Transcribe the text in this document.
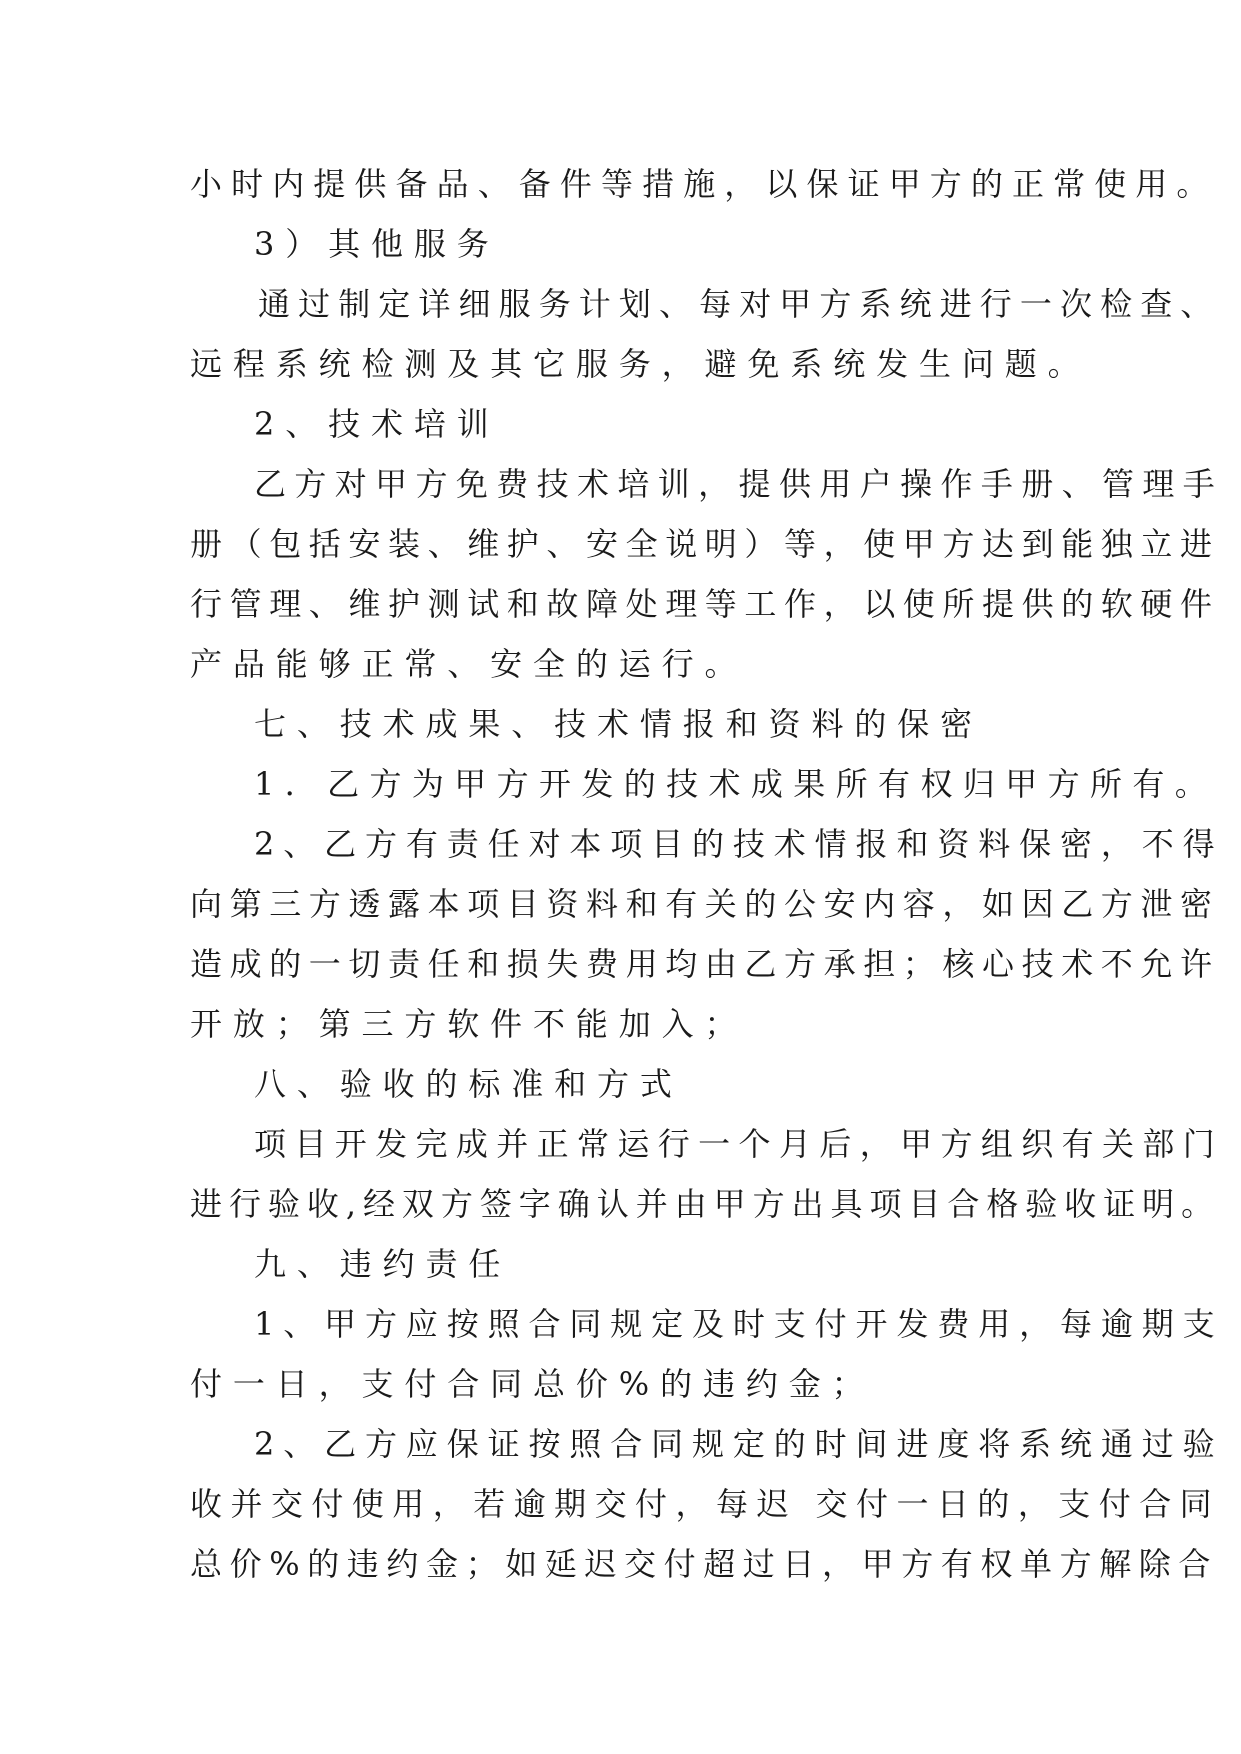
小时内提供备品、备件等措施，以保证甲方的正常使用。
3）其他服务
通过制定详细服务计划、每对甲方系统进行一次检查、
远程系统检测及其它服务，避免系统发生问题。
2、技术培训
乙方对甲方免费技术培训，提供用户操作手册、管理手
册（包括安装、维护、安全说明）等，使甲方达到能独立进
行管理、维护测试和故障处理等工作，以使所提供的软硬件
产品能够正常、安全的运行。
七、技术成果、技术情报和资料的保密
1．乙方为甲方开发的技术成果所有权归甲方所有。
2、乙方有责任对本项目的技术情报和资料保密，不得
向第三方透露本项目资料和有关的公安内容，如因乙方泄密
造成的一切责任和损失费用均由乙方承担；核心技术不允许
开放；第三方软件不能加入；
八、验收的标准和方式
项目开发完成并正常运行一个月后，甲方组织有关部门
进行验收,经双方签字确认并由甲方出具项目合格验收证明。
九、违约责任
1、甲方应按照合同规定及时支付开发费用，每逾期支
付一日，支付合同总价%的违约金；
2、乙方应保证按照合同规定的时间进度将系统通过验
收并交付使用，若逾期交付，每迟 交付一日的，支付合同
总价%的违约金；如延迟交付超过日，甲方有权单方解除合
